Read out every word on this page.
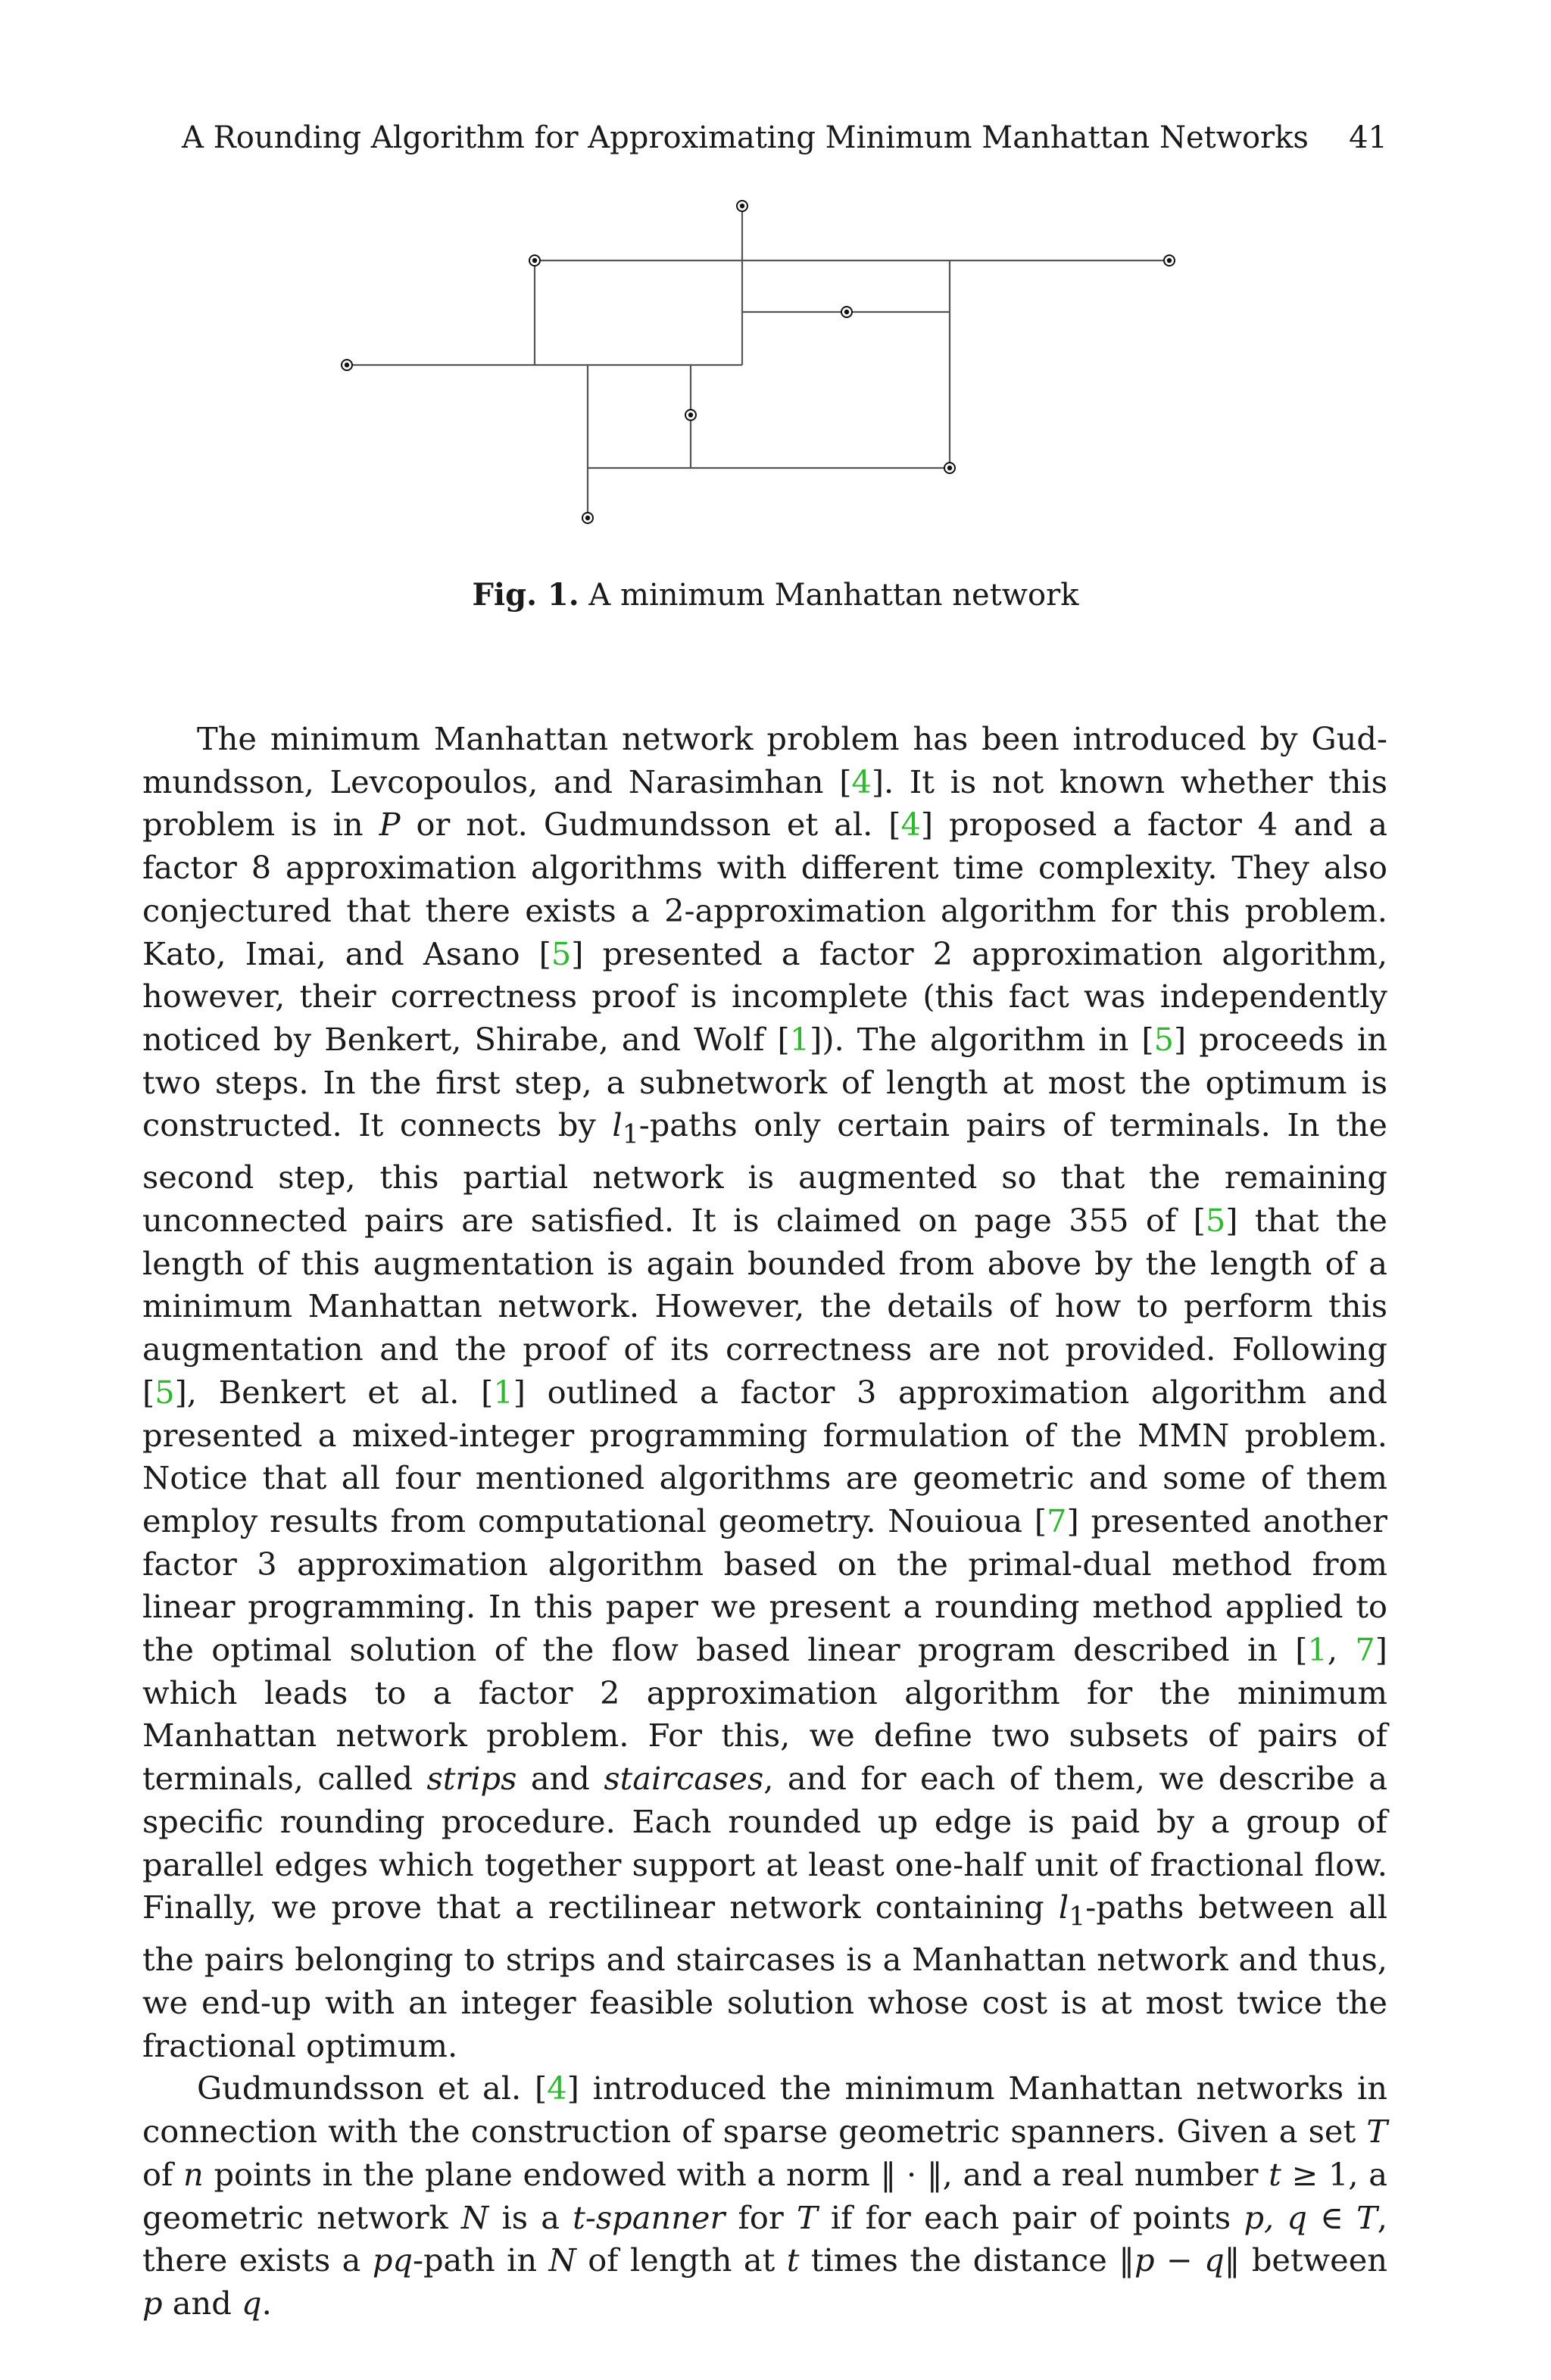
A Rounding Algorithm for Approximating Minimum Manhattan Networks 41
Fig. 1. A minimum Manhattan network

The minimum Manhattan network problem has been introduced by Gudmundsson, Levcopoulos, and Narasimhan [4]. It is not known whether this problem is in P or not. Gudmundsson et al. [4] proposed a factor 4 and a factor 8 approximation algorithms with different time complexity. They also conjectured that there exists a 2-approximation algorithm for this problem. Kato, Imai, and Asano [5] presented a factor 2 approximation algorithm, however, their correctness proof is incomplete (this fact was independently noticed by Benkert, Shirabe, and Wolf [1]). The algorithm in [5] proceeds in two steps. In the first step, a subnetwork of length at most the optimum is constructed. It connects by $l_1$-paths only certain pairs of terminals. In the second step, this partial network is augmented so that the remaining unconnected pairs are satisfied. It is claimed on page 355 of [5] that the length of this augmentation is again bounded from above by the length of a minimum Manhattan network. However, the details of how to perform this augmentation and the proof of its correctness are not provided. Following [5], Benkert et al. [1] outlined a factor 3 approximation algorithm and presented a mixed-integer programming formulation of the MMN problem. Notice that all four mentioned algorithms are geometric and some of them employ results from computational geometry. Nouioua [7] presented another factor 3 approximation algorithm based on the primal-dual method from linear programming. In this paper we present a rounding method applied to the optimal solution of the flow based linear program described in [1, 7] which leads to a factor 2 approximation algorithm for the minimum Manhattan network problem. For this, we define two subsets of pairs of terminals, called strips and staircases, and for each of them, we describe a specific rounding procedure. Each rounded up edge is paid by a group of parallel edges which together support at least one-half unit of fractional flow. Finally, we prove that a rectilinear network containing $l_1$-paths between all the pairs belonging to strips and staircases is a Manhattan network and thus, we end-up with an integer feasible solution whose cost is at most twice the fractional optimum.

Gudmundsson et al. [4] introduced the minimum Manhattan networks in connection with the construction of sparse geometric spanners. Given a set T of n points in the plane endowed with a norm ‖ · ‖, and a real number t ≥ 1, a geometric network N is a t-spanner for T if for each pair of points p, q ∈ T, there exists a pq-path in N of length at t times the distance ‖p − q‖ between p and q.
